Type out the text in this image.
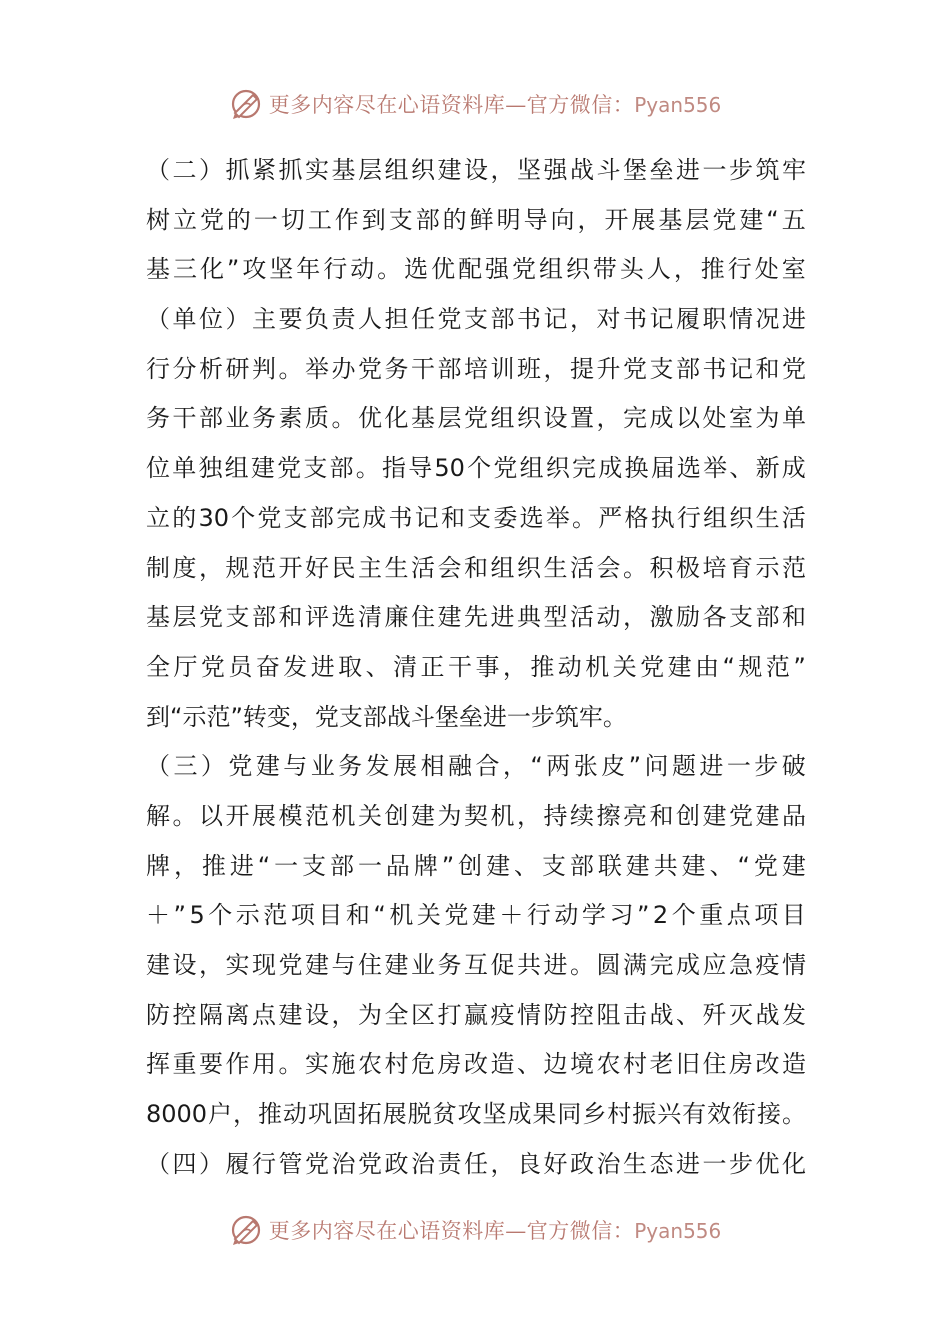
更多内容尽在心语资料库—官方微信：Pyan556
（ 二 ） 抓 紧 抓 实 基 层 组 织 建 设 ， 坚 强 战 斗 堡 垒 进 一 步 筑 牢
树 立 党 的 一 切 工 作 到 支 部 的 鲜 明 导 向 ， 开 展 基 层 党 建 “ 五
基 三 化 ” 攻 坚 年 行 动 。 选 优 配 强 党 组 织 带 头 人 ， 推 行 处 室
（ 单 位 ） 主 要 负 责 人 担 任 党 支 部 书 记 ， 对 书 记 履 职 情 况 进
行 分 析 研 判 。 举 办 党 务 干 部 培 训 班 ， 提 升 党 支 部 书 记 和 党
务 干 部 业 务 素 质 。 优 化 基 层 党 组 织 设 置 ， 完 成 以 处 室 为 单
位 单 独 组 建 党 支 部 。 指 导 50 个 党 组 织 完 成 换 届 选 举 、 新 成
立 的 30 个 党 支 部 完 成 书 记 和 支 委 选 举 。 严 格 执 行 组 织 生 活
制 度 ， 规 范 开 好 民 主 生 活 会 和 组 织 生 活 会 。 积 极 培 育 示 范
基 层 党 支 部 和 评 选 清 廉 住 建 先 进 典 型 活 动 ， 激 励 各 支 部 和
全 厅 党 员 奋 发 进 取 、 清 正 干 事 ， 推 动 机 关 党 建 由 “ 规 范 ”
到 “ 示 范 ” 转 变 ， 党 支 部 战 斗 堡 垒 进 一 步 筑 牢 。
（ 三 ） 党 建 与 业 务 发 展 相 融 合 ， “ 两 张 皮 ” 问 题 进 一 步 破
解 。 以 开 展 模 范 机 关 创 建 为 契 机 ， 持 续 擦 亮 和 创 建 党 建 品
牌 ， 推 进 “ 一 支 部 一 品 牌 ” 创 建 、 支 部 联 建 共 建 、 “ 党 建
＋ ” 5 个 示 范 项 目 和 “ 机 关 党 建 ＋ 行 动 学 习 ” 2 个 重 点 项 目
建 设 ， 实 现 党 建 与 住 建 业 务 互 促 共 进 。 圆 满 完 成 应 急 疫 情
防 控 隔 离 点 建 设 ， 为 全 区 打 赢 疫 情 防 控 阻 击 战 、 歼 灭 战 发
挥 重 要 作 用 。 实 施 农 村 危 房 改 造 、 边 境 农 村 老 旧 住 房 改 造
8000 户 ， 推 动 巩 固 拓 展 脱 贫 攻 坚 成 果 同 乡 村 振 兴 有 效 衔 接 。
（ 四 ） 履 行 管 党 治 党 政 治 责 任 ， 良 好 政 治 生 态 进 一 步 优 化
更多内容尽在心语资料库—官方微信：Pyan556
